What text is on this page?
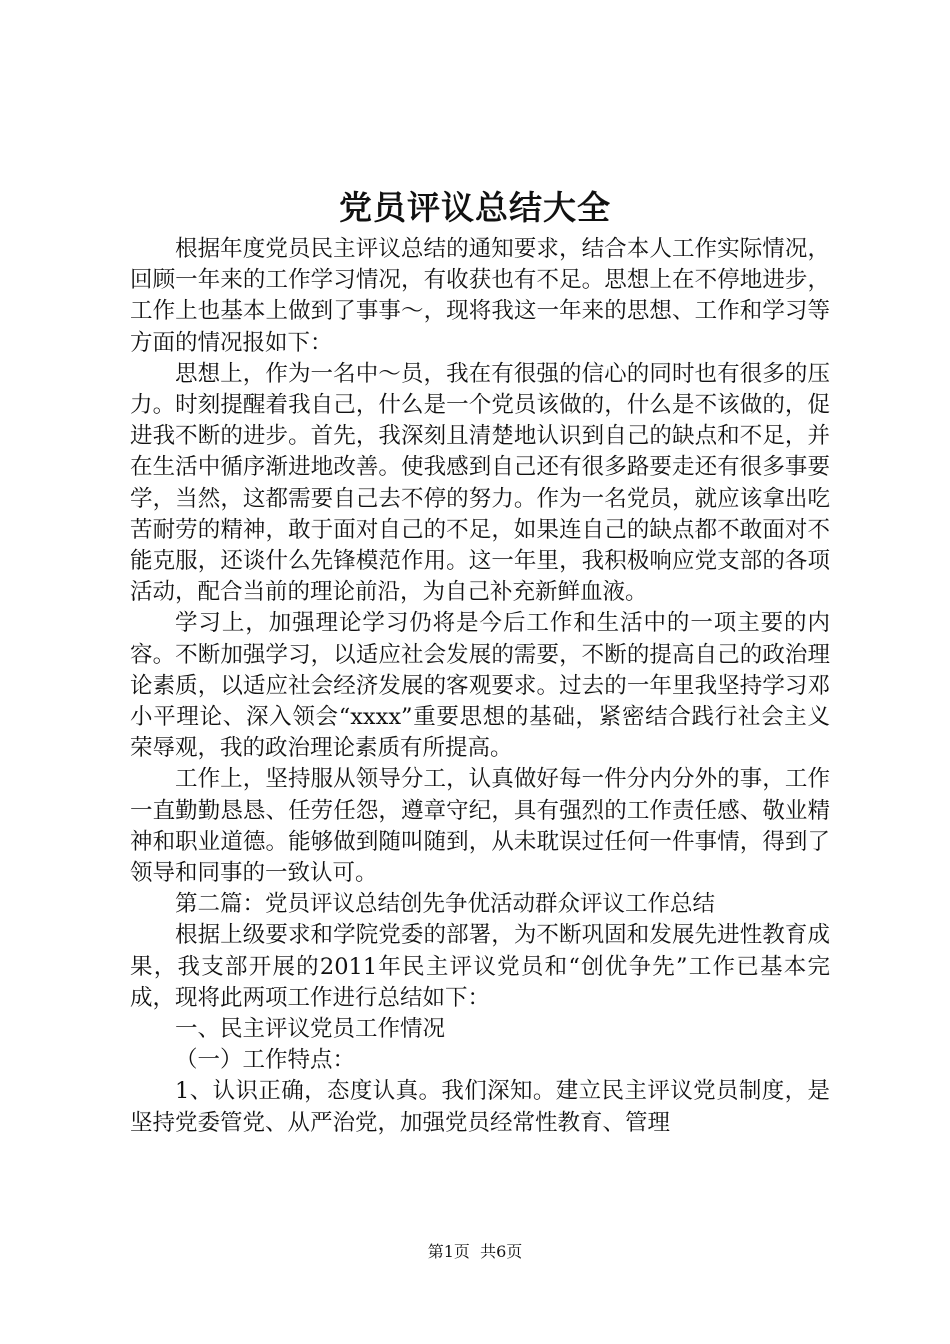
党员评议总结大全

根据年度党员民主评议总结的通知要求，结合本人工作实际情况，回顾一年来的工作学习情况，有收获也有不足。思想上在不停地进步，工作上也基本上做到了事事～，现将我这一年来的思想、工作和学习等方面的情况报如下：

思想上，作为一名中～员，我在有很强的信心的同时也有很多的压力。时刻提醒着我自己，什么是一个党员该做的，什么是不该做的，促进我不断的进步。首先，我深刻且清楚地认识到自己的缺点和不足，并在生活中循序渐进地改善。使我感到自己还有很多路要走还有很多事要学，当然，这都需要自己去不停的努力。作为一名党员，就应该拿出吃苦耐劳的精神，敢于面对自己的不足，如果连自己的缺点都不敢面对不能克服，还谈什么先锋模范作用。这一年里，我积极响应党支部的各项活动，配合当前的理论前沿，为自己补充新鲜血液。

学习上，加强理论学习仍将是今后工作和生活中的一项主要的内容。不断加强学习，以适应社会发展的需要，不断的提高自己的政治理论素质，以适应社会经济发展的客观要求。过去的一年里我坚持学习邓小平理论、深入领会“xxxx”重要思想的基础，紧密结合践行社会主义荣辱观，我的政治理论素质有所提高。

工作上，坚持服从领导分工，认真做好每一件分内分外的事，工作一直勤勤恳恳、任劳任怨，遵章守纪，具有强烈的工作责任感、敬业精神和职业道德。能够做到随叫随到，从未耽误过任何一件事情，得到了领导和同事的一致认可。

第二篇：党员评议总结创先争优活动群众评议工作总结

根据上级要求和学院党委的部署，为不断巩固和发展先进性教育成果，我支部开展的2011年民主评议党员和“创优争先”工作已基本完成，现将此两项工作进行总结如下：

一、民主评议党员工作情况

（一）工作特点：

1、认识正确，态度认真。我们深知。建立民主评议党员制度，是坚持党委管党、从严治党，加强党员经常性教育、管理

第1页  共6页
